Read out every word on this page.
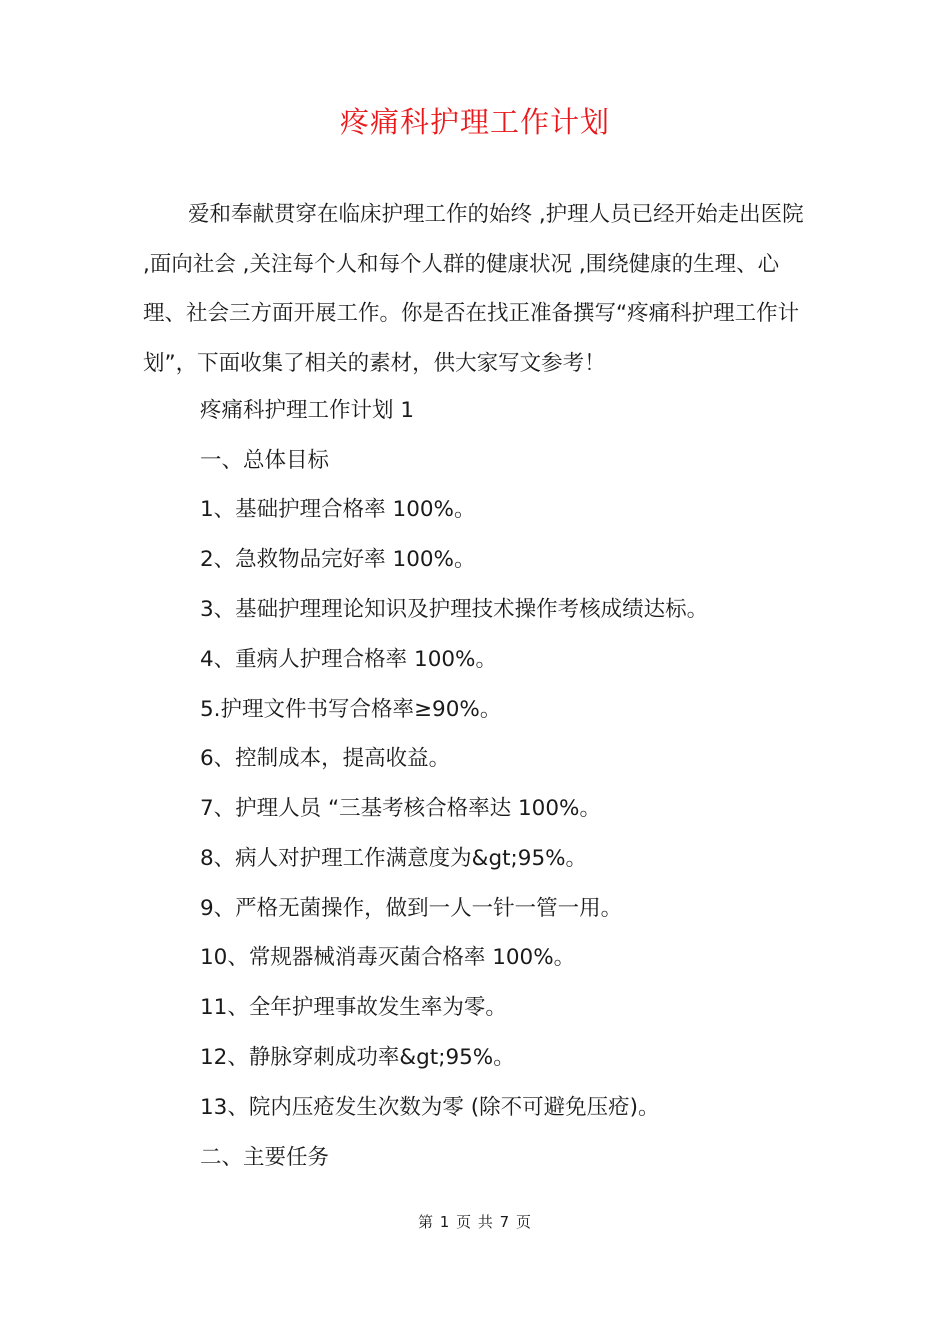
疼痛科护理工作计划

爱和奉献贯穿在临床护理工作的始终 ,护理人员已经开始走出医院 ,面向社会 ,关注每个人和每个人群的健康状况 ,围绕健康的生理、心理、社会三方面开展工作。你是否在找正准备撰写“疼痛科护理工作计划”，下面收集了相关的素材，供大家写文参考！

疼痛科护理工作计划 1

一、总体目标

1、基础护理合格率 100%。

2、急救物品完好率 100%。

3、基础护理理论知识及护理技术操作考核成绩达标。

4、重病人护理合格率 100%。

5.护理文件书写合格率≥90%。

6、控制成本，提高收益。

7、护理人员 “三基考核合格率达 100%。

8、病人对护理工作满意度为&gt;95%。

9、严格无菌操作，做到一人一针一管一用。

10、常规器械消毒灭菌合格率 100%。

11、全年护理事故发生率为零。

12、静脉穿刺成功率&gt;95%。

13、院内压疮发生次数为零 (除不可避免压疮)。

二、主要任务

第 1 页 共 7 页
